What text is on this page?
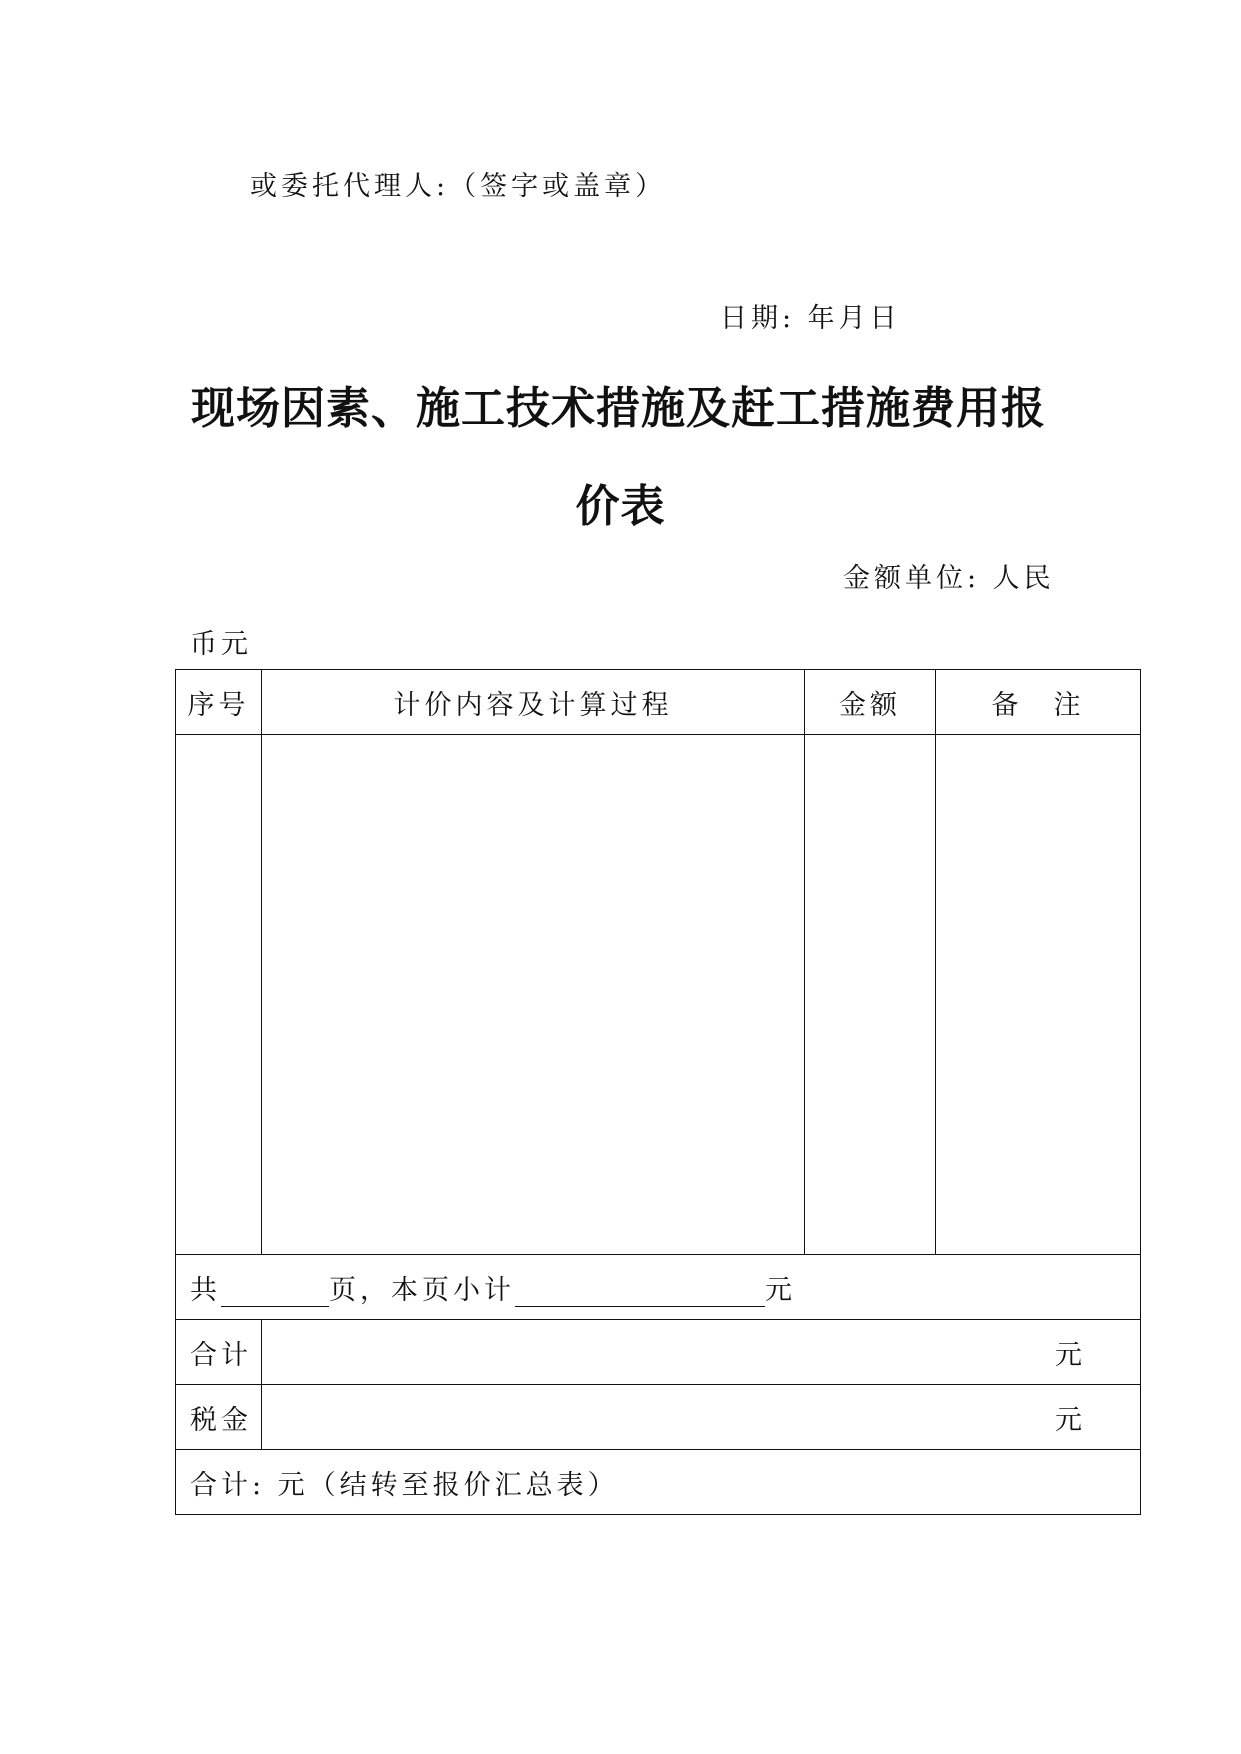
或委托代理人:（签字或盖章）
日期: 年月日
现场因素、施工技术措施及赶工措施费用报
价表
金额单位: 人民
币元
序号	计价内容及计算过程	金额	备　注

共 页，本页小计 元			
合计	元		
税金	元		
合计: 元（结转至报价汇总表）			
